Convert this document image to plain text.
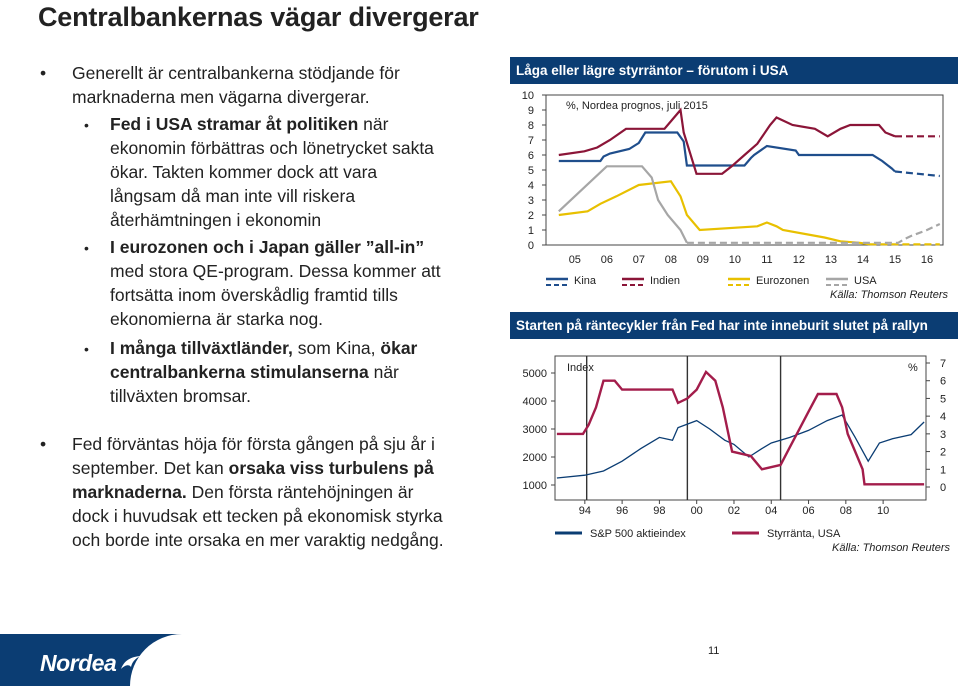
Centralbankernas vägar divergerar
• Generellt är centralbankerna stödjande för
marknaderna men vägarna divergerar.
• Fed i USA stramar åt politiken när
ekonomin förbättras och lönetrycket sakta
ökar. Takten kommer dock att vara
långsam då man inte vill riskera
återhämtningen i ekonomin
• I eurozonen och i Japan gäller ”all-in”
med stora QE-program. Dessa kommer att
fortsätta inom överskådlig framtid tills
ekonomierna är starka nog.
• I många tillväxtländer, som Kina, ökar
centralbankerna stimulanserna när
tillväxten bromsar.
• Fed förväntas höja för första gången på sju år i
september. Det kan orsaka viss turbulens på
marknaderna. Den första räntehöjningen är
dock i huvudsak ett tecken på ekonomisk styrka
och borde inte orsaka en mer varaktig nedgång.
Låga eller lägre styrräntor – förutom i USA
0
1
2
3
4
5
6
7
8
9
10
05 06 07 08 09 10 11 12 13 14 15 16
%, Nordea prognos, juli 2015
Kina	Indien	Eurozonen	USA
Källa: Thomson Reuters
Starten på räntecykler från Fed har inte inneburit slutet på rallyn
1000
2000
3000
4000
5000
0
1
2
3
4
5
6
7
94 96 98 00 02 04 06 08 10
Index	%
S&P 500 aktieindex	Styrränta, USA
Källa: Thomson Reuters
Nordea	11
